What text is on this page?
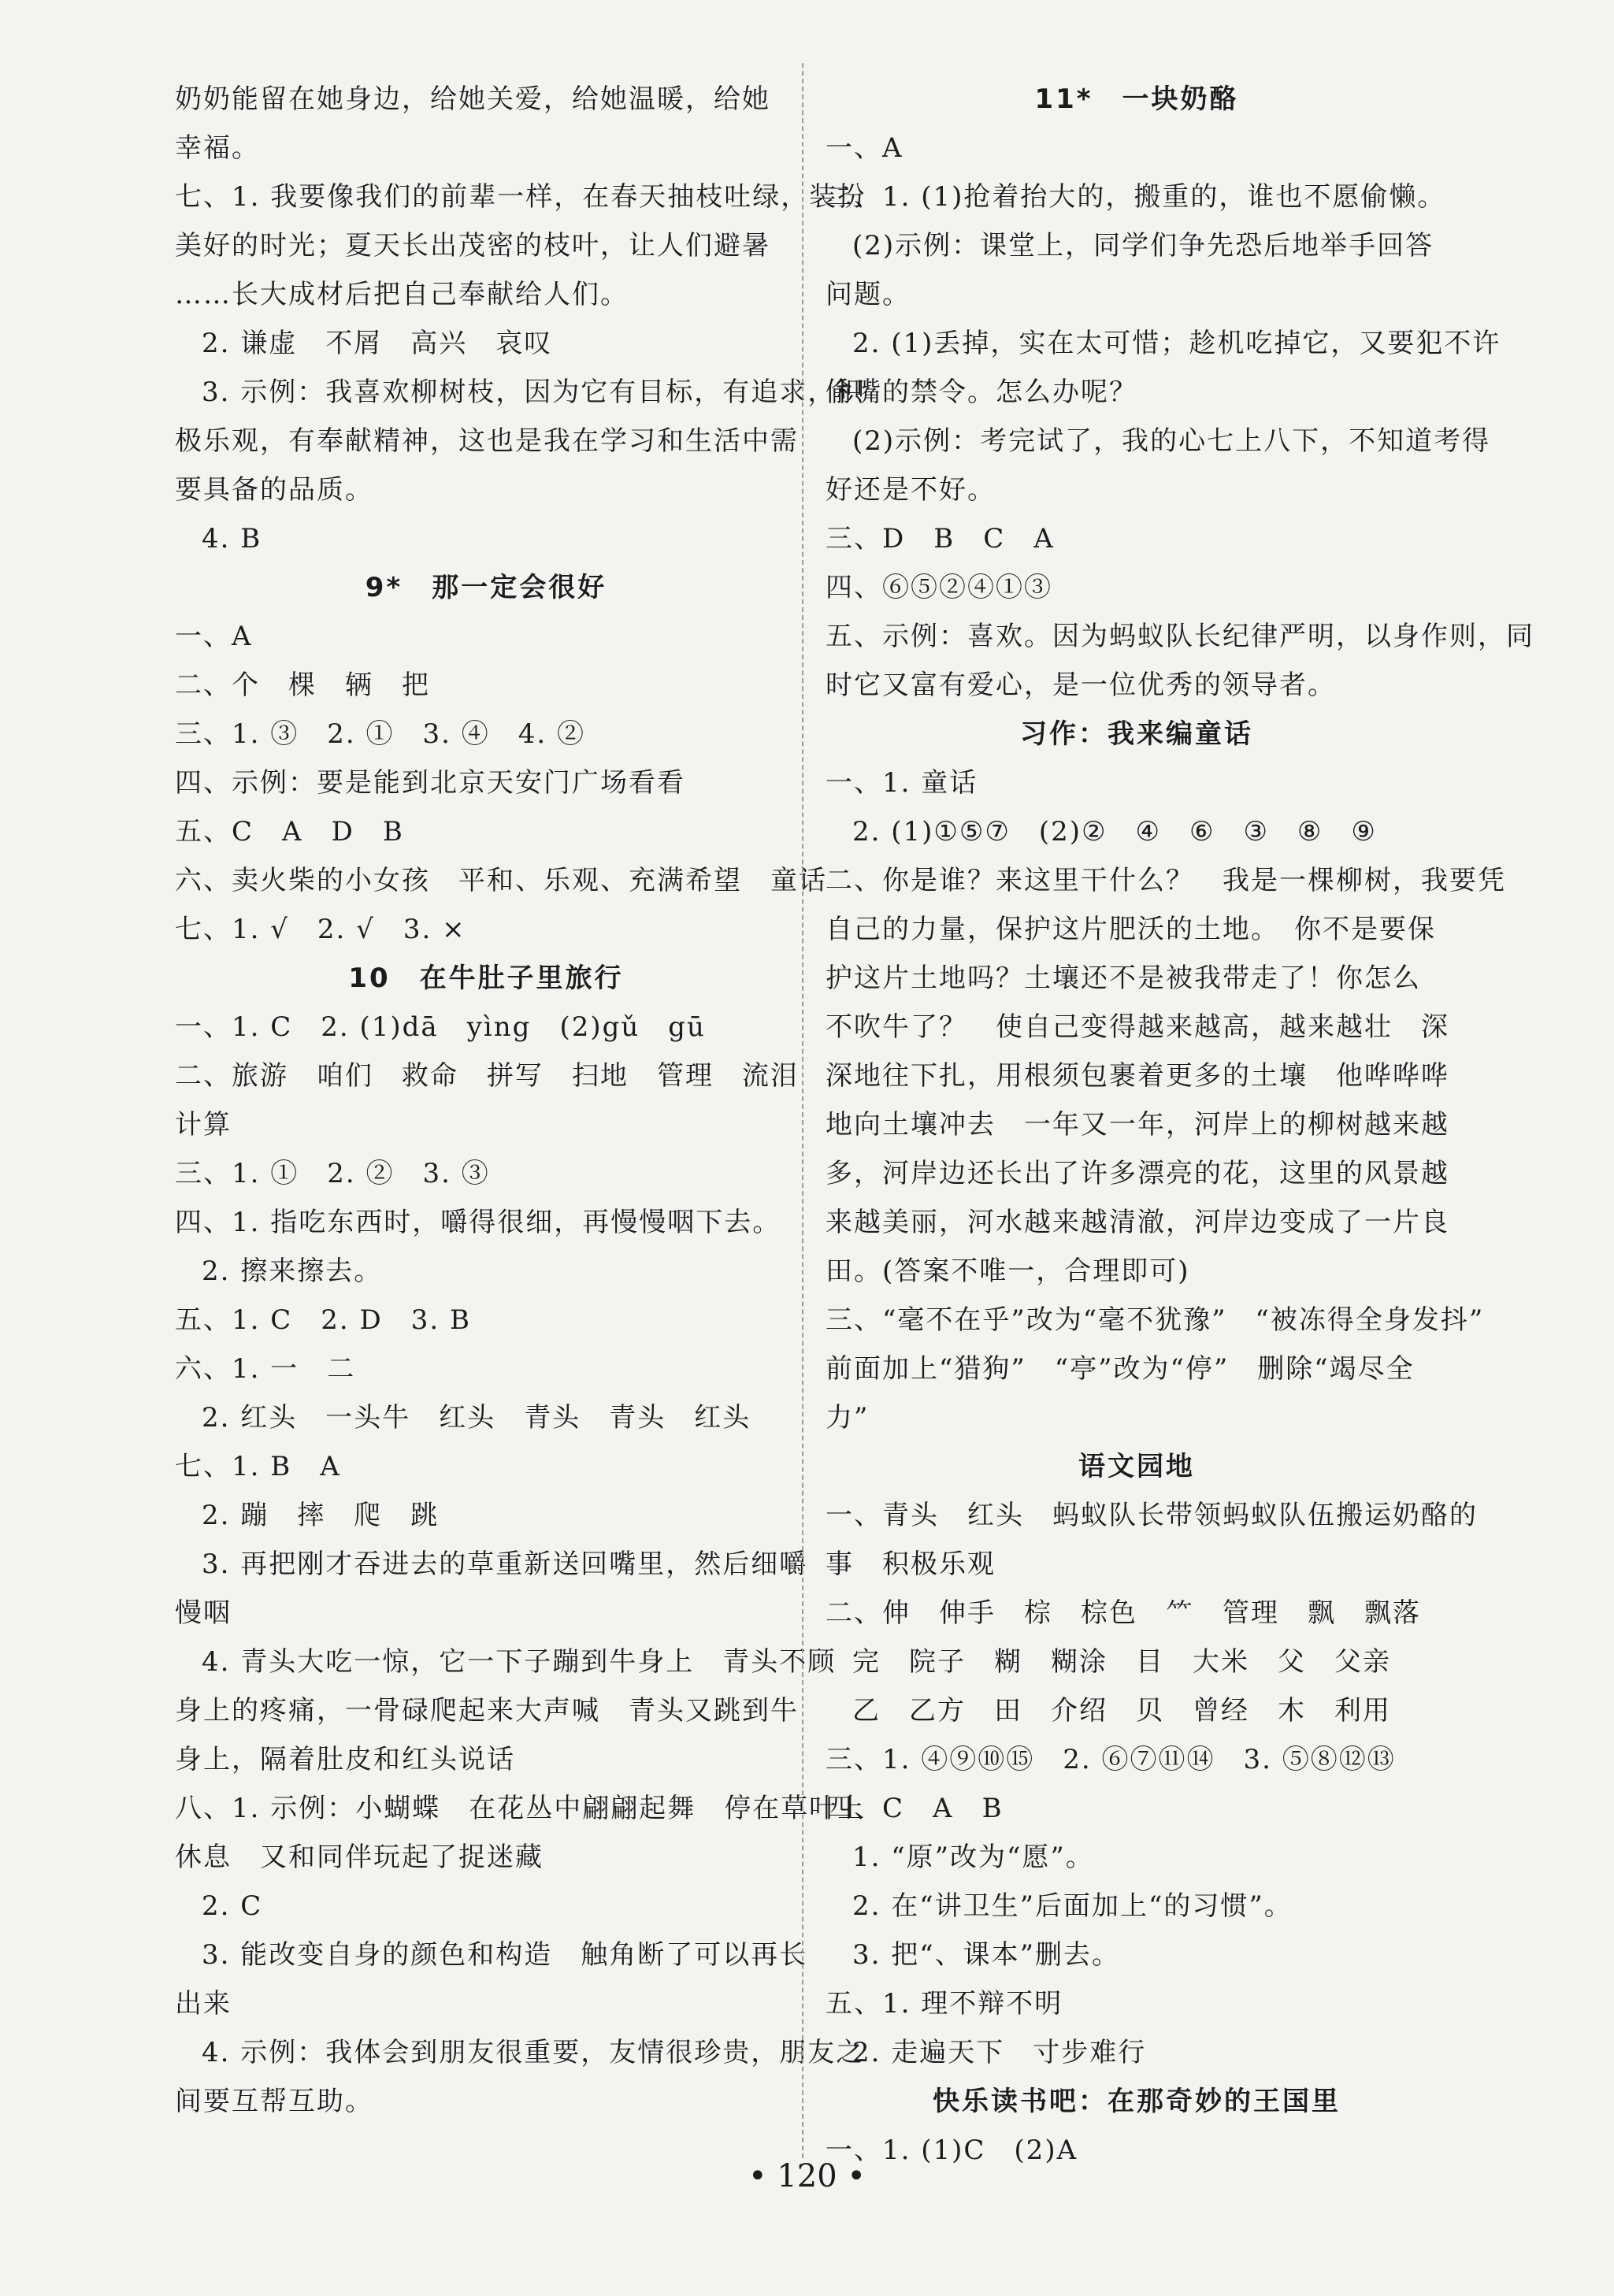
奶奶能留在她身边，给她关爱，给她温暖，给她
幸福。
七、1. 我要像我们的前辈一样，在春天抽枝吐绿，装扮
美好的时光；夏天长出茂密的枝叶，让人们避暑
……长大成材后把自己奉献给人们。
2. 谦虚　不屑　高兴　哀叹
3. 示例：我喜欢柳树枝，因为它有目标，有追求，积
极乐观，有奉献精神，这也是我在学习和生活中需
要具备的品质。
4. B
9*　那一定会很好
一、A
二、个　棵　辆　把
三、1. ③　2. ①　3. ④　4. ②
四、示例：要是能到北京天安门广场看看
五、C　A　D　B
六、卖火柴的小女孩　平和、乐观、充满希望　童话
七、1. √　2. √　3. ×
10　在牛肚子里旅行
一、1. C　2. (1)dā　yìng　(2)gǔ　gū
二、旅游　咱们　救命　拼写　扫地　管理　流泪
计算
三、1. ①　2. ②　3. ③
四、1. 指吃东西时，嚼得很细，再慢慢咽下去。
2. 擦来擦去。
五、1. C　2. D　3. B
六、1. 一　二
2. 红头　一头牛　红头　青头　青头　红头
七、1. B　A
2. 蹦　摔　爬　跳
3. 再把刚才吞进去的草重新送回嘴里，然后细嚼
慢咽
4. 青头大吃一惊，它一下子蹦到牛身上　青头不顾
身上的疼痛，一骨碌爬起来大声喊　青头又跳到牛
身上，隔着肚皮和红头说话
八、1. 示例：小蝴蝶　在花丛中翩翩起舞　停在草叶上
休息　又和同伴玩起了捉迷藏
2. C
3. 能改变自身的颜色和构造　触角断了可以再长
出来
4. 示例：我体会到朋友很重要，友情很珍贵，朋友之
间要互帮互助。
11*　一块奶酪
一、A
二、1. (1)抢着抬大的，搬重的，谁也不愿偷懒。
(2)示例：课堂上，同学们争先恐后地举手回答
问题。
2. (1)丢掉，实在太可惜；趁机吃掉它，又要犯不许
偷嘴的禁令。怎么办呢？
(2)示例：考完试了，我的心七上八下，不知道考得
好还是不好。
三、D　B　C　A
四、⑥⑤②④①③
五、示例：喜欢。因为蚂蚁队长纪律严明，以身作则，同
时它又富有爱心，是一位优秀的领导者。
习作：我来编童话
一、1. 童话
2. (1)①⑤⑦　(2)②　④　⑥　③　⑧　⑨
二、你是谁？来这里干什么？　我是一棵柳树，我要凭
自己的力量，保护这片肥沃的土地。　你不是要保
护这片土地吗？土壤还不是被我带走了！你怎么
不吹牛了？　使自己变得越来越高，越来越壮　深
深地往下扎，用根须包裹着更多的土壤　他哗哗哗
地向土壤冲去　一年又一年，河岸上的柳树越来越
多，河岸边还长出了许多漂亮的花，这里的风景越
来越美丽，河水越来越清澈，河岸边变成了一片良
田。(答案不唯一，合理即可)
三、“毫不在乎”改为“毫不犹豫”　“被冻得全身发抖”
前面加上“猎狗”　“亭”改为“停”　删除“竭尽全
力”
语文园地
一、青头　红头　蚂蚁队长带领蚂蚁队伍搬运奶酪的
事　积极乐观
二、伸　伸手　棕　棕色　⺮　管理　飘　飘落
完　院子　糊　糊涂　目　大米　父　父亲
乙　乙方　田　介绍　贝　曾经　木　利用
三、1. ④⑨⑩⑮　2. ⑥⑦⑪⑭　3. ⑤⑧⑫⑬
四、C　A　B
1. “原”改为“愿”。
2. 在“讲卫生”后面加上“的习惯”。
3. 把“、课本”删去。
五、1. 理不辩不明
2. 走遍天下　寸步难行
快乐读书吧：在那奇妙的王国里
一、1. (1)C　(2)A
• 120 •
